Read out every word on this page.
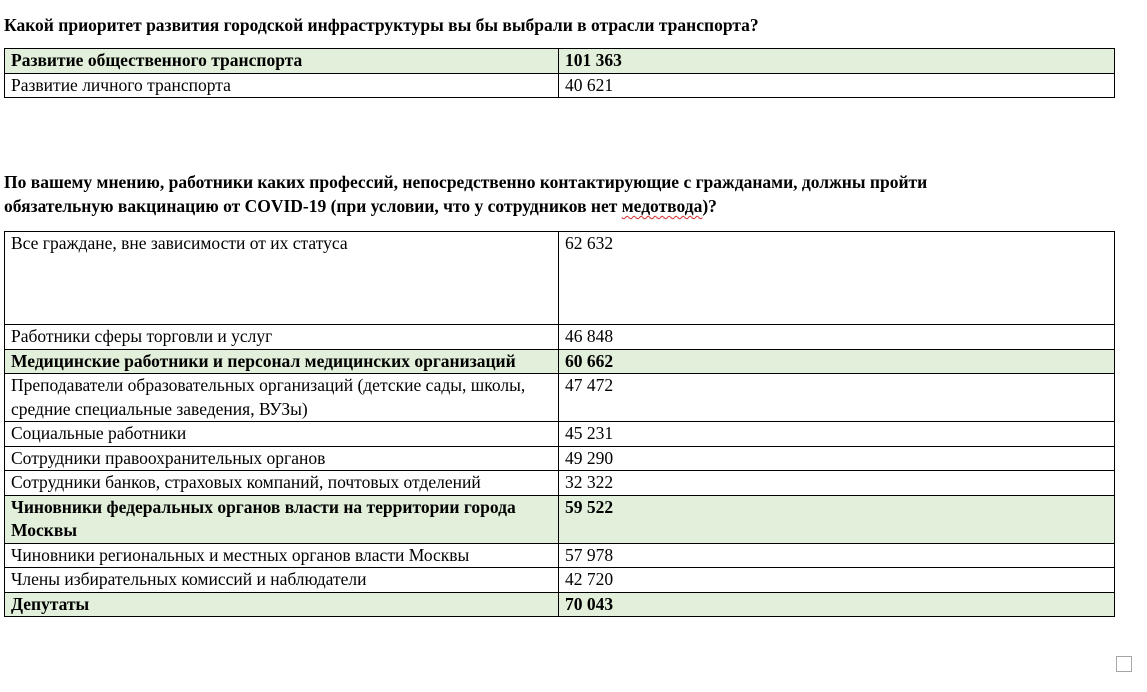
Какой приоритет развития городской инфраструктуры вы бы выбрали в отрасли транспорта?
Развитие общественного транспорта	101 363
Развитие личного транспорта	40 621
По вашему мнению, работники каких профессий, непосредственно контактирующие с гражданами, должны пройти
обязательную вакцинацию от COVID-19 (при условии, что у сотрудников нет медотвода)?
Все граждане, вне зависимости от их статуса	62 632
Работники сферы торговли и услуг	46 848
Медицинские работники и персонал медицинских организаций	60 662
Преподаватели образовательных организаций (детские сады, школы, средние специальные заведения, ВУЗы)	47 472
Социальные работники	45 231
Сотрудники правоохранительных органов	49 290
Сотрудники банков, страховых компаний, почтовых отделений	32 322
Чиновники федеральных органов власти на территории города Москвы	59 522
Чиновники региональных и местных органов власти Москвы	57 978
Члены избирательных комиссий и наблюдатели	42 720
Депутаты	70 043
